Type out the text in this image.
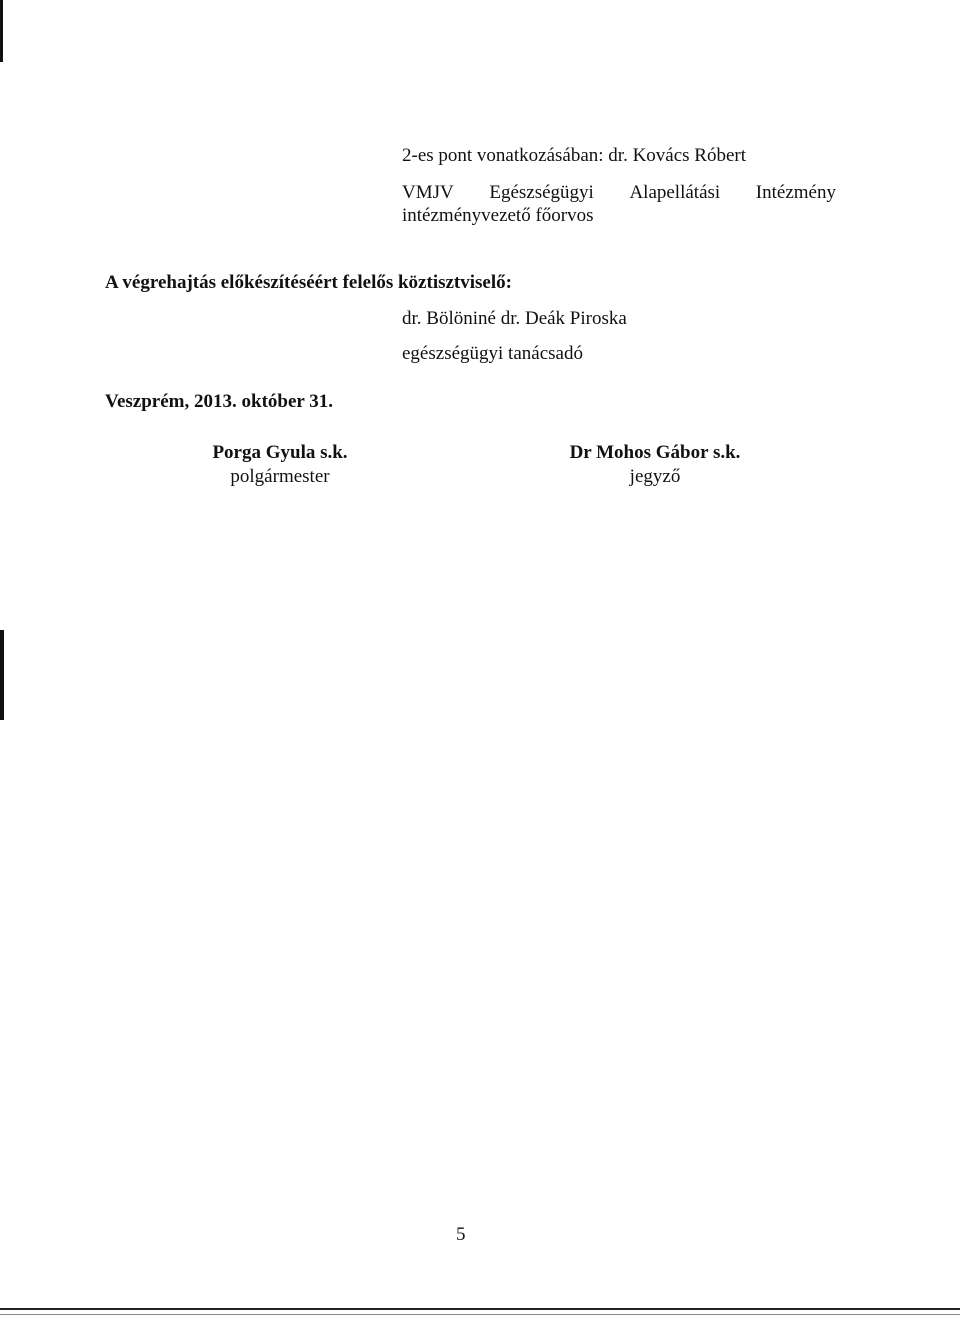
2-es pont vonatkozásában: dr. Kovács Róbert
VMJV Egészségügyi Alapellátási Intézmény
intézményvezető főorvos
A végrehajtás előkészítéséért felelős köztisztviselő:
dr. Bölöniné dr. Deák Piroska
egészségügyi tanácsadó
Veszprém, 2013. október 31.
Porga Gyula s.k.
polgármester
Dr Mohos Gábor s.k.
jegyző
5
